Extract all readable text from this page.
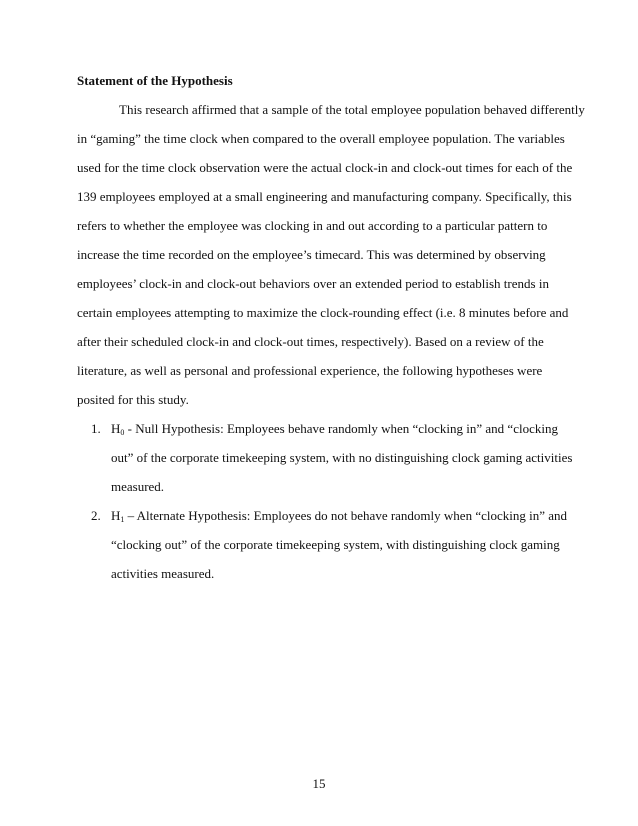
Statement of the Hypothesis
This research affirmed that a sample of the total employee population behaved differently
in “gaming” the time clock when compared to the overall employee population. The variables
used for the time clock observation were the actual clock-in and clock-out times for each of the
139 employees employed at a small engineering and manufacturing company. Specifically, this
refers to whether the employee was clocking in and out according to a particular pattern to
increase the time recorded on the employee’s timecard. This was determined by observing
employees’ clock-in and clock-out behaviors over an extended period to establish trends in
certain employees attempting to maximize the clock-rounding effect (i.e. 8 minutes before and
after their scheduled clock-in and clock-out times, respectively). Based on a review of the
literature, as well as personal and professional experience, the following hypotheses were
posited for this study.
1. $H_0$ - Null Hypothesis: Employees behave randomly when “clocking in” and “clocking
out” of the corporate timekeeping system, with no distinguishing clock gaming activities
measured.
2. $H_1$ – Alternate Hypothesis: Employees do not behave randomly when “clocking in” and
“clocking out” of the corporate timekeeping system, with distinguishing clock gaming
activities measured.
15
